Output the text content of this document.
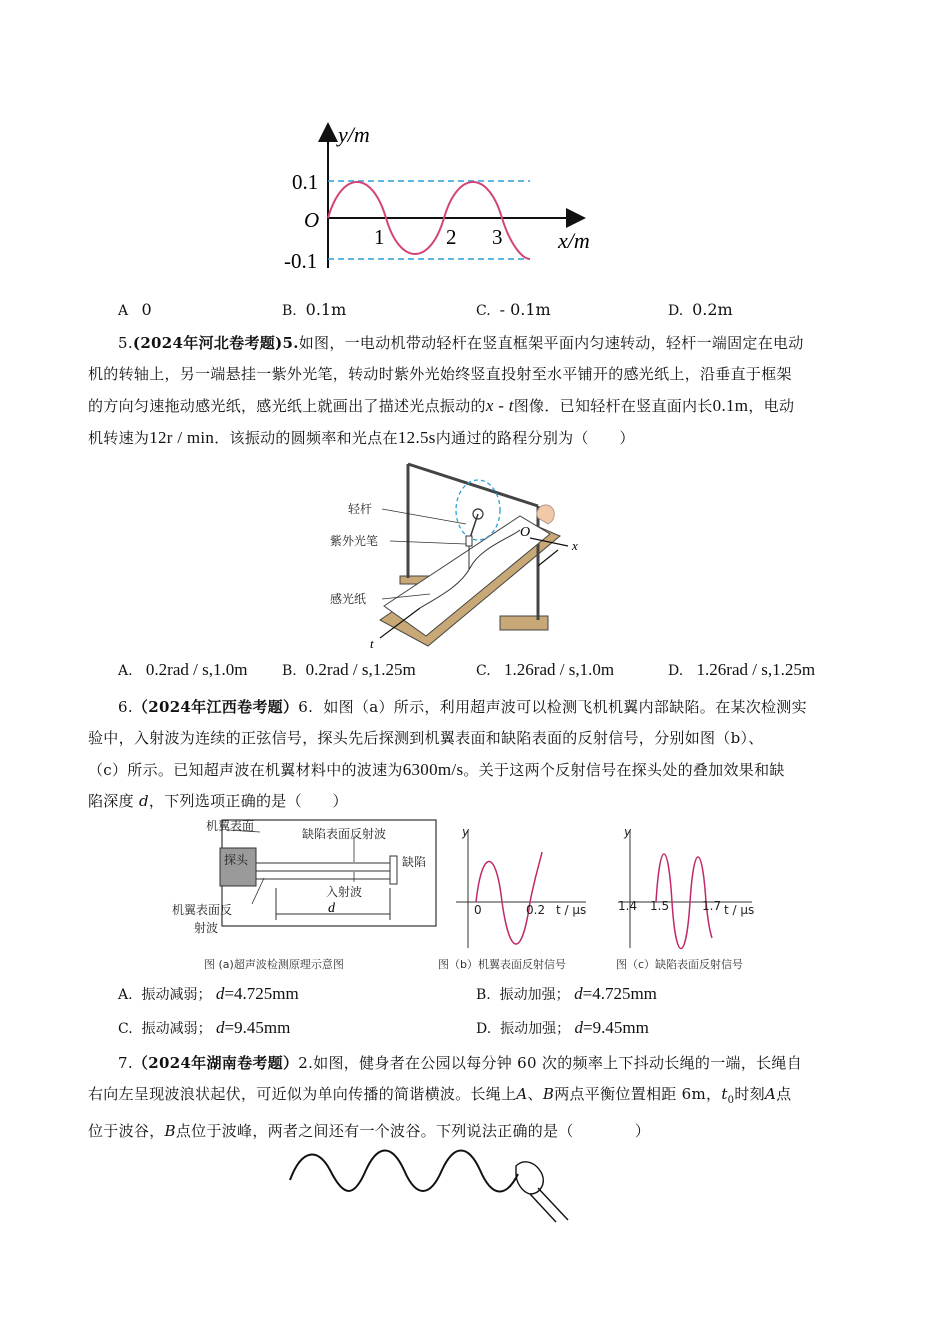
y/m
x/m
O
0.1
-0.1
1	2 3
A 0	B. 0.1m	C. - 0.1m	D. 0.2m
5.(2024年河北卷考题)5.如图，一电动机带动轻杆在竖直框架平面内匀速转动，轻杆一端固定在电动
机的转轴上，另一端悬挂一紫外光笔，转动时紫外光始终竖直投射至水平铺开的感光纸上，沿垂直于框架
的方向匀速拖动感光纸，感光纸上就画出了描述光点振动的x - t图像．已知轻杆在竖直面内长0.1m，电动
机转速为12r / min．该振动的圆频率和光点在12.5s内通过的路程分别为（　　）
轻杆
紫外光笔
感光纸
O
x
t
A. 0.2rad / s,1.0m B. 0.2rad / s,1.25m	C. 1.26rad / s,1.0m	D. 1.26rad / s,1.25m
6.（2024年江西卷考题）6. 如图（a）所示，利用超声波可以检测飞机机翼内部缺陷。在某次检测实
验中，入射波为连续的正弦信号，探头先后探测到机翼表面和缺陷表面的反射信号，分别如图（b）、
（c）所示。已知超声波在机翼材料中的波速为6300m/s。关于这两个反射信号在探头处的叠加效果和缺
陷深度 d，下列选项正确的是（　　）
机翼表面
探头
缺陷表面反射波
缺陷
入射波
机翼表面反
射波
d
图 (a)超声波检测原理示意图
y
t / μs
0	0.2
图（b）机翼表面反射信号
y
t / μs
1.4 1.5	1.7
图（c）缺陷表面反射信号
A. 振动减弱； d=4.725mm	B. 振动加强； d=4.725mm
C. 振动减弱； d=9.45mm	D. 振动加强； d=9.45mm
7.（2024年湖南卷考题）2.如图，健身者在公园以每分钟 60 次的频率上下抖动长绳的一端，长绳自
右向左呈现波浪状起伏，可近似为单向传播的简谐横波。长绳上A、B两点平衡位置相距 6m，$t_0$时刻A点
位于波谷，B点位于波峰，两者之间还有一个波谷。下列说法正确的是（　　　　）
